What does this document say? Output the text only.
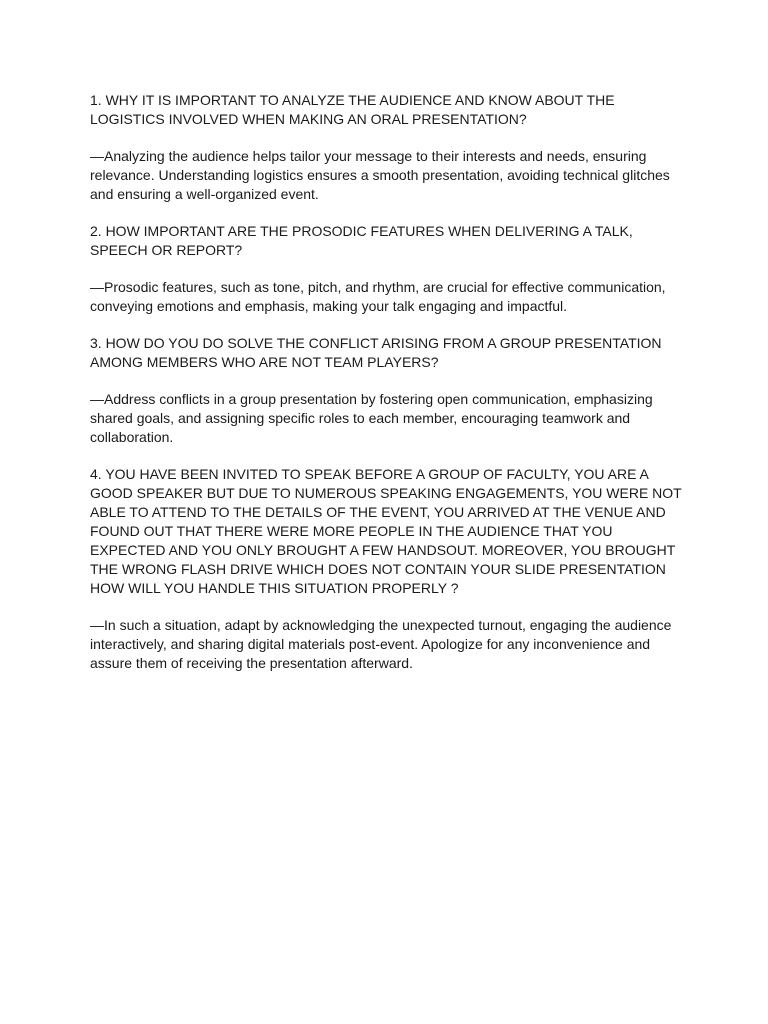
1. WHY IT IS IMPORTANT TO ANALYZE THE AUDIENCE AND KNOW ABOUT THE
LOGISTICS INVOLVED WHEN MAKING AN ORAL PRESENTATION?

—Analyzing the audience helps tailor your message to their interests and needs, ensuring
relevance. Understanding logistics ensures a smooth presentation, avoiding technical glitches
and ensuring a well-organized event.

2. HOW IMPORTANT ARE THE PROSODIC FEATURES WHEN DELIVERING A TALK,
SPEECH OR REPORT?

—Prosodic features, such as tone, pitch, and rhythm, are crucial for effective communication,
conveying emotions and emphasis, making your talk engaging and impactful.

3. HOW DO YOU DO SOLVE THE CONFLICT ARISING FROM A GROUP PRESENTATION
AMONG MEMBERS WHO ARE NOT TEAM PLAYERS?

—Address conflicts in a group presentation by fostering open communication, emphasizing
shared goals, and assigning specific roles to each member, encouraging teamwork and
collaboration.

4. YOU HAVE BEEN INVITED TO SPEAK BEFORE A GROUP OF FACULTY, YOU ARE A
GOOD SPEAKER BUT DUE TO NUMEROUS SPEAKING ENGAGEMENTS, YOU WERE NOT
ABLE TO ATTEND TO THE DETAILS OF THE EVENT, YOU ARRIVED AT THE VENUE AND
FOUND OUT THAT THERE WERE MORE PEOPLE IN THE AUDIENCE THAT YOU
EXPECTED AND YOU ONLY BROUGHT A FEW HANDSOUT. MOREOVER, YOU BROUGHT
THE WRONG FLASH DRIVE WHICH DOES NOT CONTAIN YOUR SLIDE PRESENTATION
HOW WILL YOU HANDLE THIS SITUATION PROPERLY ?

—In such a situation, adapt by acknowledging the unexpected turnout, engaging the audience
interactively, and sharing digital materials post-event. Apologize for any inconvenience and
assure them of receiving the presentation afterward.
